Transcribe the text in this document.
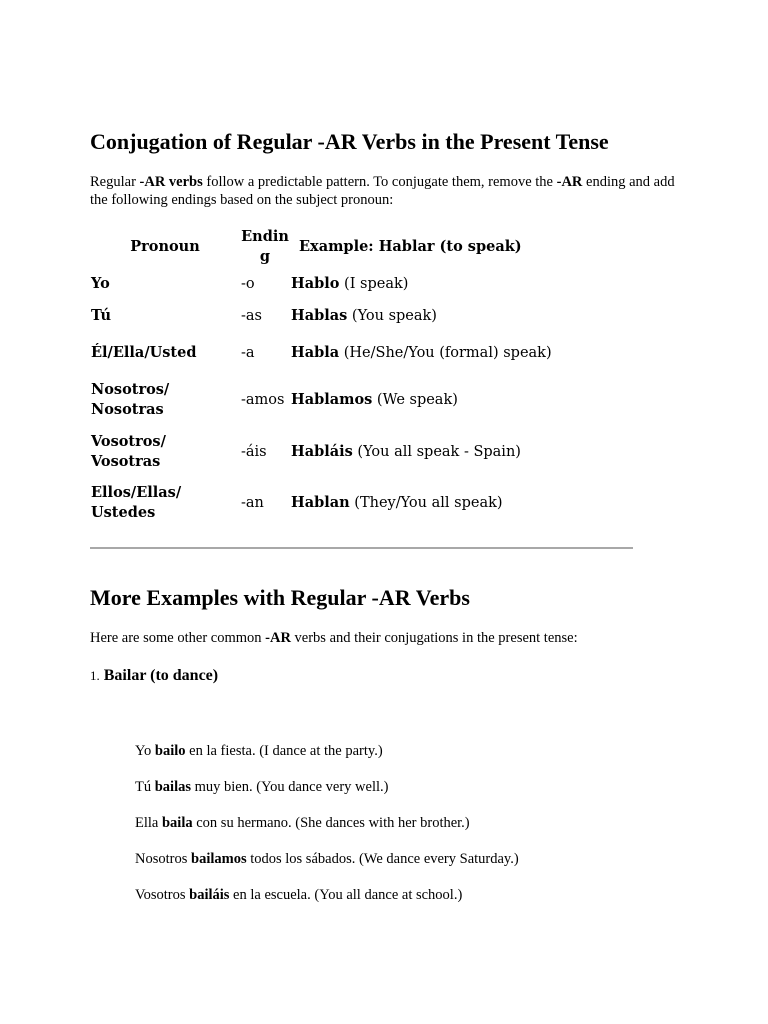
Conjugation of Regular -AR Verbs in the Present Tense

Regular -AR verbs follow a predictable pattern. To conjugate them, remove the -AR ending and add the following endings based on the subject pronoun:

Pronoun	Ending	Example: Hablar (to speak)
Yo	-o	Hablo (I speak)
Tú	-as	Hablas (You speak)
Él/Ella/Usted	-a	Habla (He/She/You (formal) speak)
Nosotros/ Nosotras	-amos	Hablamos (We speak)
Vosotros/ Vosotras	-áis	Habláis (You all speak - Spain)
Ellos/Ellas/ Ustedes	-an	Hablan (They/You all speak)
More Examples with Regular -AR Verbs

Here are some other common -AR verbs and their conjugations in the present tense:

1. Bailar (to dance)

Yo bailo en la fiesta. (I dance at the party.)

Tú bailas muy bien. (You dance very well.)

Ella baila con su hermano. (She dances with her brother.)

Nosotros bailamos todos los sábados. (We dance every Saturday.)

Vosotros bailáis en la escuela. (You all dance at school.)
